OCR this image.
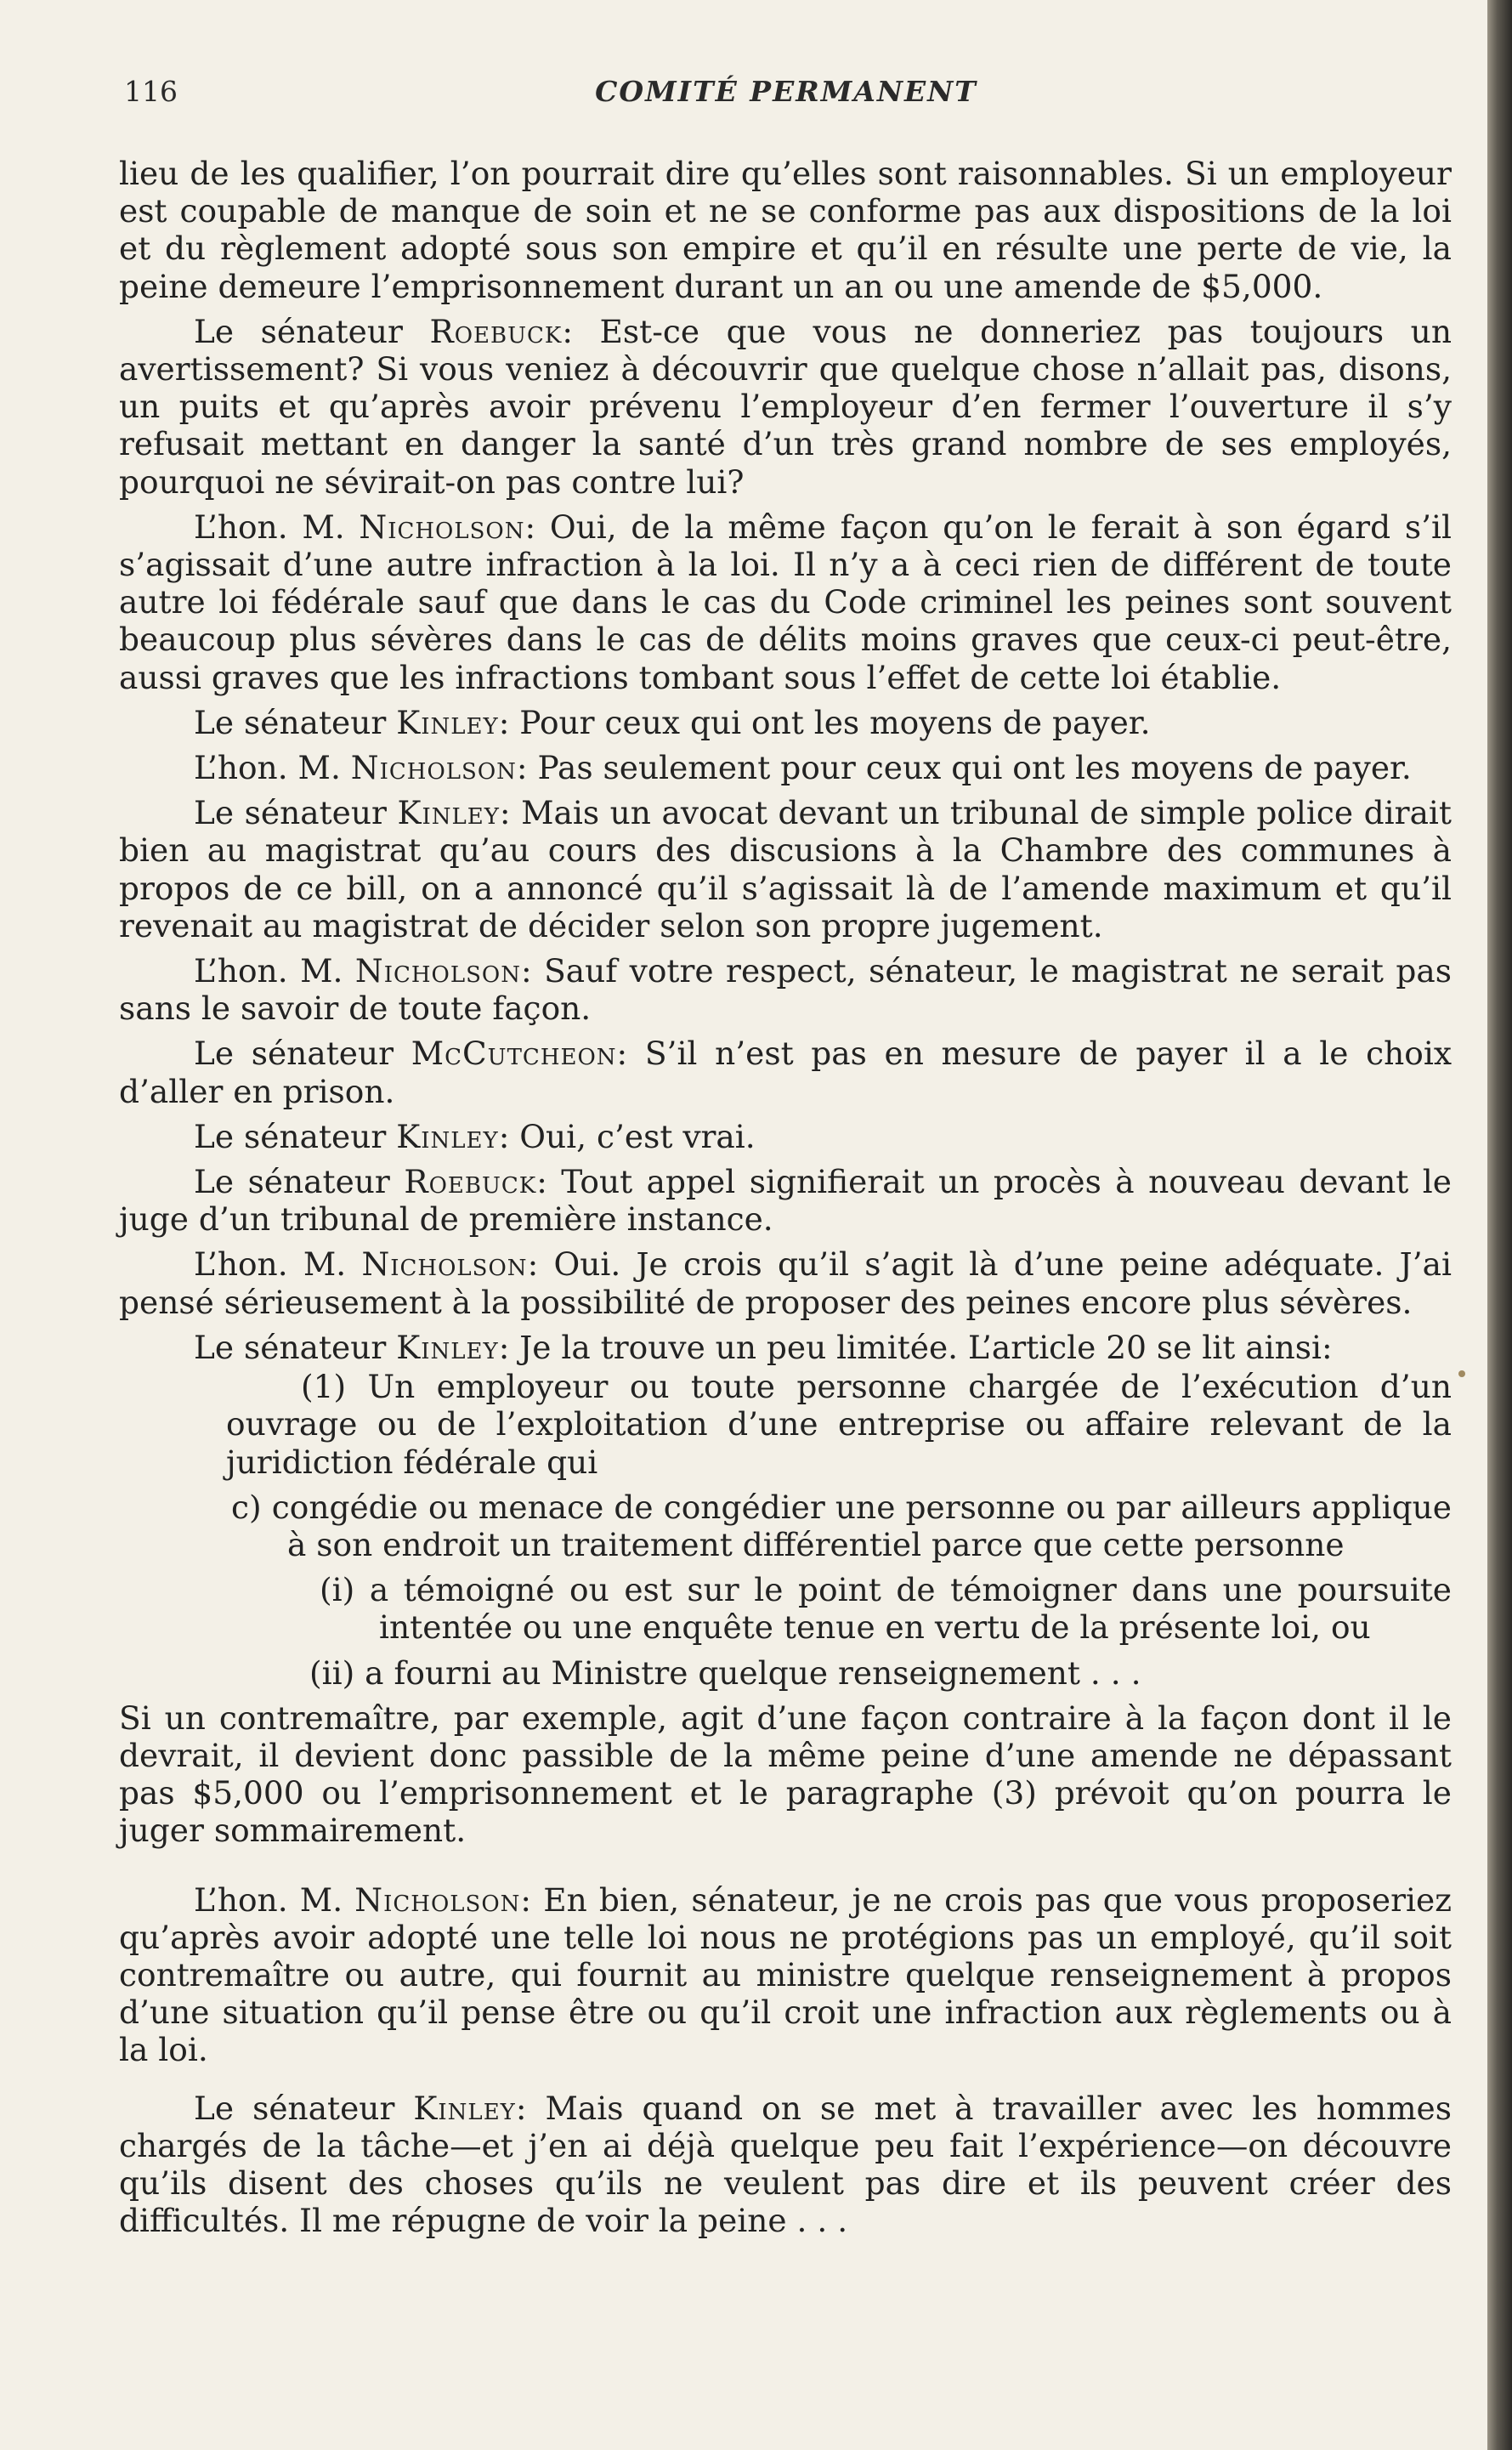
116	COMITÉ PERMANENT

lieu de les qualifier, l’on pourrait dire qu’elles sont raisonnables. Si un employeur est coupable de manque de soin et ne se conforme pas aux dispositions de la loi et du règlement adopté sous son empire et qu’il en résulte une perte de vie, la peine demeure l’emprisonnement durant un an ou une amende de $5,000.

Le sénateur Roebuck: Est-ce que vous ne donneriez pas toujours un avertissement? Si vous veniez à découvrir que quelque chose n’allait pas, disons, un puits et qu’après avoir prévenu l’employeur d’en fermer l’ouverture il s’y refusait mettant en danger la santé d’un très grand nombre de ses employés, pourquoi ne sévirait-on pas contre lui?

L’hon. M. Nicholson: Oui, de la même façon qu’on le ferait à son égard s’il s’agissait d’une autre infraction à la loi. Il n’y a à ceci rien de différent de toute autre loi fédérale sauf que dans le cas du Code criminel les peines sont souvent beaucoup plus sévères dans le cas de délits moins graves que ceux-ci peut-être, aussi graves que les infractions tombant sous l’effet de cette loi établie.

Le sénateur Kinley: Pour ceux qui ont les moyens de payer.

L’hon. M. Nicholson: Pas seulement pour ceux qui ont les moyens de payer.

Le sénateur Kinley: Mais un avocat devant un tribunal de simple police dirait bien au magistrat qu’au cours des discusions à la Chambre des communes à propos de ce bill, on a annoncé qu’il s’agissait là de l’amende maximum et qu’il revenait au magistrat de décider selon son propre jugement.

L’hon. M. Nicholson: Sauf votre respect, sénateur, le magistrat ne serait pas sans le savoir de toute façon.

Le sénateur McCutcheon: S’il n’est pas en mesure de payer il a le choix d’aller en prison.

Le sénateur Kinley: Oui, c’est vrai.

Le sénateur Roebuck: Tout appel signifierait un procès à nouveau devant le juge d’un tribunal de première instance.

L’hon. M. Nicholson: Oui. Je crois qu’il s’agit là d’une peine adéquate. J’ai pensé sérieusement à la possibilité de proposer des peines encore plus sévères.

Le sénateur Kinley: Je la trouve un peu limitée. L’article 20 se lit ainsi:

(1) Un employeur ou toute personne chargée de l’exécution d’un ouvrage ou de l’exploitation d’une entreprise ou affaire relevant de la juridiction fédérale qui

c) congédie ou menace de congédier une personne ou par ailleurs applique à son endroit un traitement différentiel parce que cette personne

(i) a témoigné ou est sur le point de témoigner dans une poursuite intentée ou une enquête tenue en vertu de la présente loi, ou

(ii) a fourni au Ministre quelque renseignement . . .

Si un contremaître, par exemple, agit d’une façon contraire à la façon dont il le devrait, il devient donc passible de la même peine d’une amende ne dépassant pas $5,000 ou l’emprisonnement et le paragraphe (3) prévoit qu’on pourra le juger sommairement.

L’hon. M. Nicholson: En bien, sénateur, je ne crois pas que vous proposeriez qu’après avoir adopté une telle loi nous ne protégions pas un employé, qu’il soit contremaître ou autre, qui fournit au ministre quelque renseignement à propos d’une situation qu’il pense être ou qu’il croit une infraction aux règlements ou à la loi.

Le sénateur Kinley: Mais quand on se met à travailler avec les hommes chargés de la tâche—et j’en ai déjà quelque peu fait l’expérience—on découvre qu’ils disent des choses qu’ils ne veulent pas dire et ils peuvent créer des difficultés. Il me répugne de voir la peine . . .
